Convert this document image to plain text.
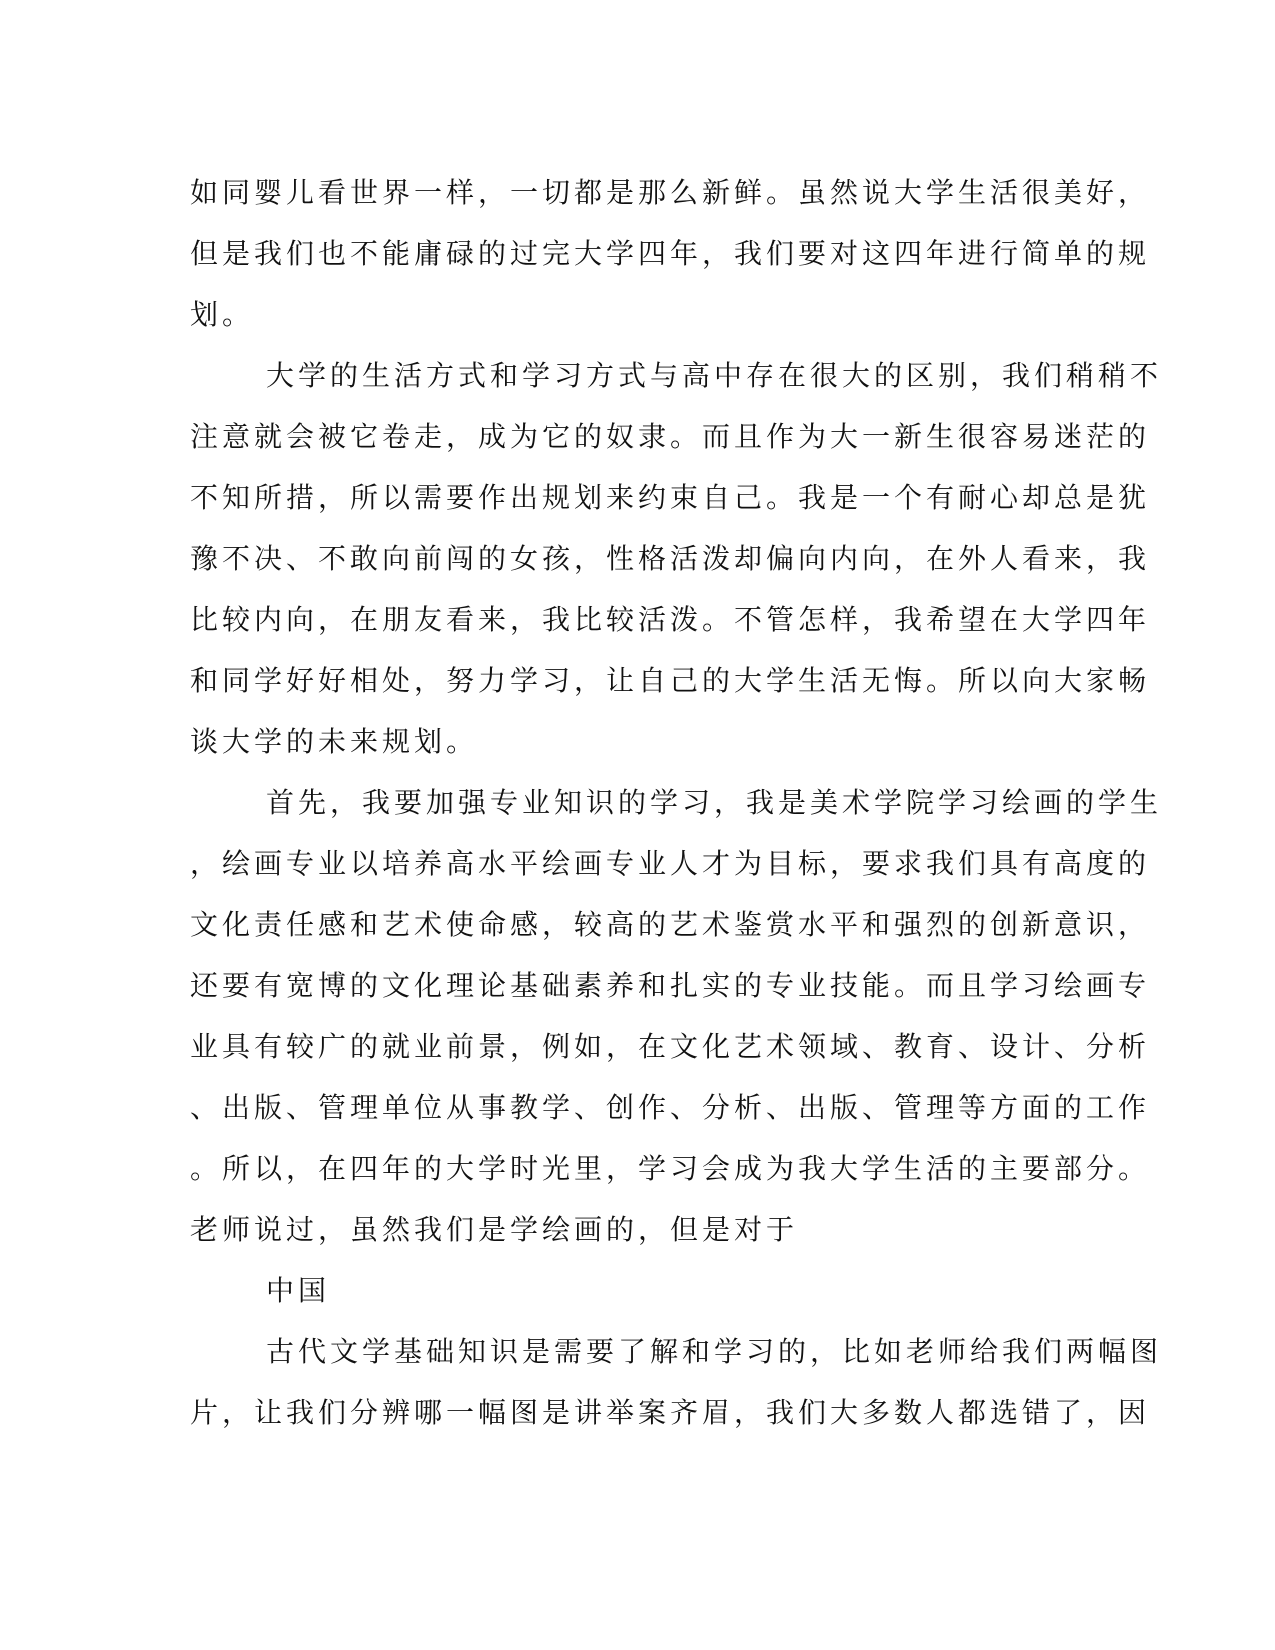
如同婴儿看世界一样，一切都是那么新鲜。虽然说大学生活很美好，
但是我们也不能庸碌的过完大学四年，我们要对这四年进行简单的规
划。
大学的生活方式和学习方式与高中存在很大的区别，我们稍稍不
注意就会被它卷走，成为它的奴隶。而且作为大一新生很容易迷茫的
不知所措，所以需要作出规划来约束自己。我是一个有耐心却总是犹
豫不决、不敢向前闯的女孩，性格活泼却偏向内向，在外人看来，我
比较内向，在朋友看来，我比较活泼。不管怎样，我希望在大学四年
和同学好好相处，努力学习，让自己的大学生活无悔。所以向大家畅
谈大学的未来规划。
首先，我要加强专业知识的学习，我是美术学院学习绘画的学生
，绘画专业以培养高水平绘画专业人才为目标，要求我们具有高度的
文化责任感和艺术使命感，较高的艺术鉴赏水平和强烈的创新意识，
还要有宽博的文化理论基础素养和扎实的专业技能。而且学习绘画专
业具有较广的就业前景，例如，在文化艺术领域、教育、设计、分析
、出版、管理单位从事教学、创作、分析、出版、管理等方面的工作
。所以，在四年的大学时光里，学习会成为我大学生活的主要部分。
老师说过，虽然我们是学绘画的，但是对于
中国
古代文学基础知识是需要了解和学习的，比如老师给我们两幅图
片，让我们分辨哪一幅图是讲举案齐眉，我们大多数人都选错了，因
